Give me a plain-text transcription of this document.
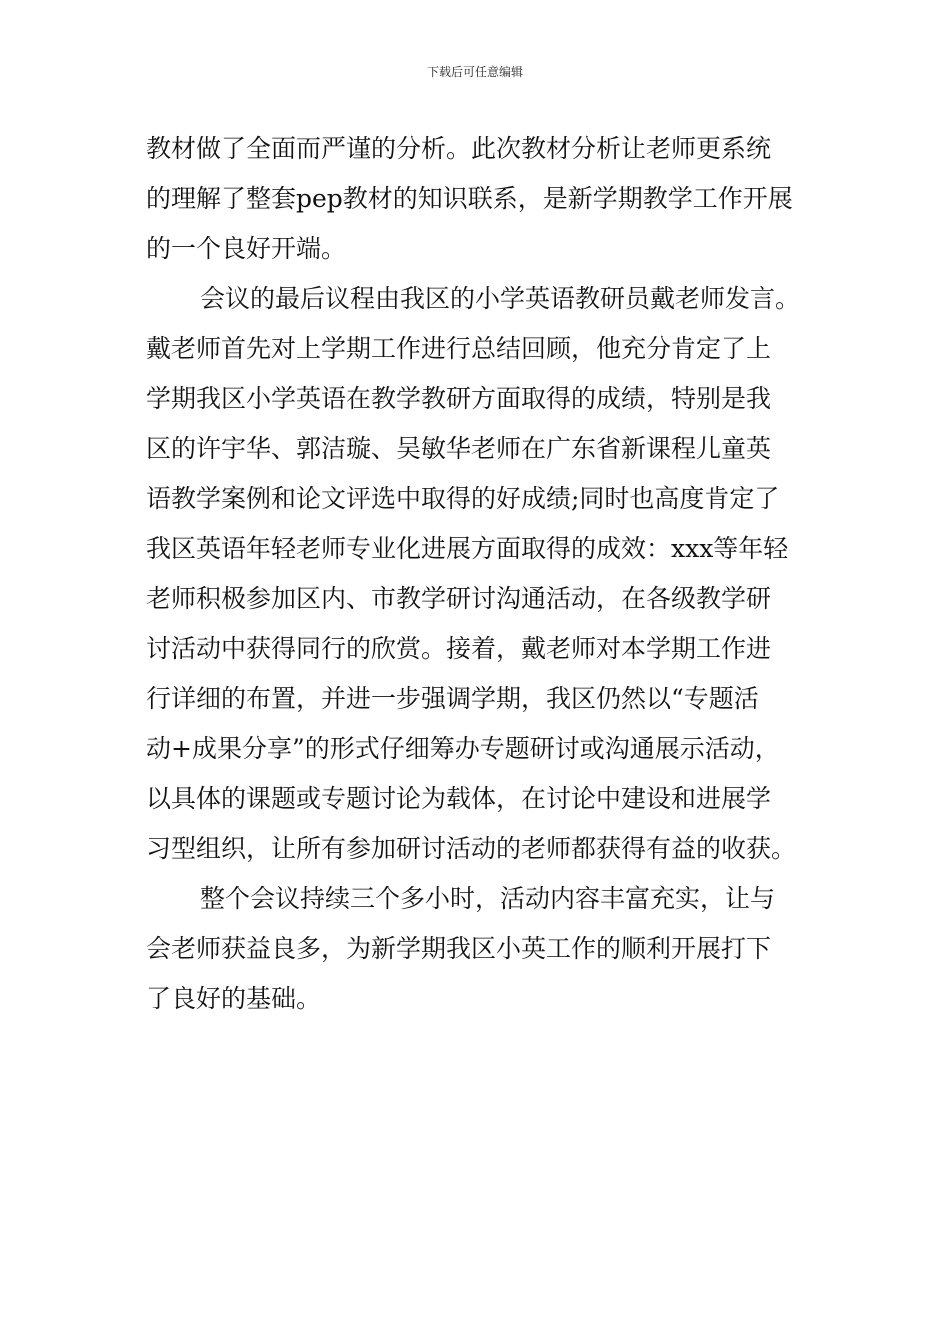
下载后可任意编辑
教材做了全面而严谨的分析。此次教材分析让老师更系统
的理解了整套pep教材的知识联系，是新学期教学工作开展
的一个良好开端。
会议的最后议程由我区的小学英语教研员戴老师发言。
戴老师首先对上学期工作进行总结回顾，他充分肯定了上
学期我区小学英语在教学教研方面取得的成绩，特别是我
区的许宇华、郭洁璇、吴敏华老师在广东省新课程儿童英
语教学案例和论文评选中取得的好成绩;同时也高度肯定了
我区英语年轻老师专业化进展方面取得的成效：xxx等年轻
老师积极参加区内、市教学研讨沟通活动，在各级教学研
讨活动中获得同行的欣赏。接着，戴老师对本学期工作进
行详细的布置，并进一步强调学期，我区仍然以“专题活
动+成果分享”的形式仔细筹办专题研讨或沟通展示活动，
以具体的课题或专题讨论为载体，在讨论中建设和进展学
习型组织，让所有参加研讨活动的老师都获得有益的收获。
整个会议持续三个多小时，活动内容丰富充实，让与
会老师获益良多，为新学期我区小英工作的顺利开展打下
了良好的基础。
